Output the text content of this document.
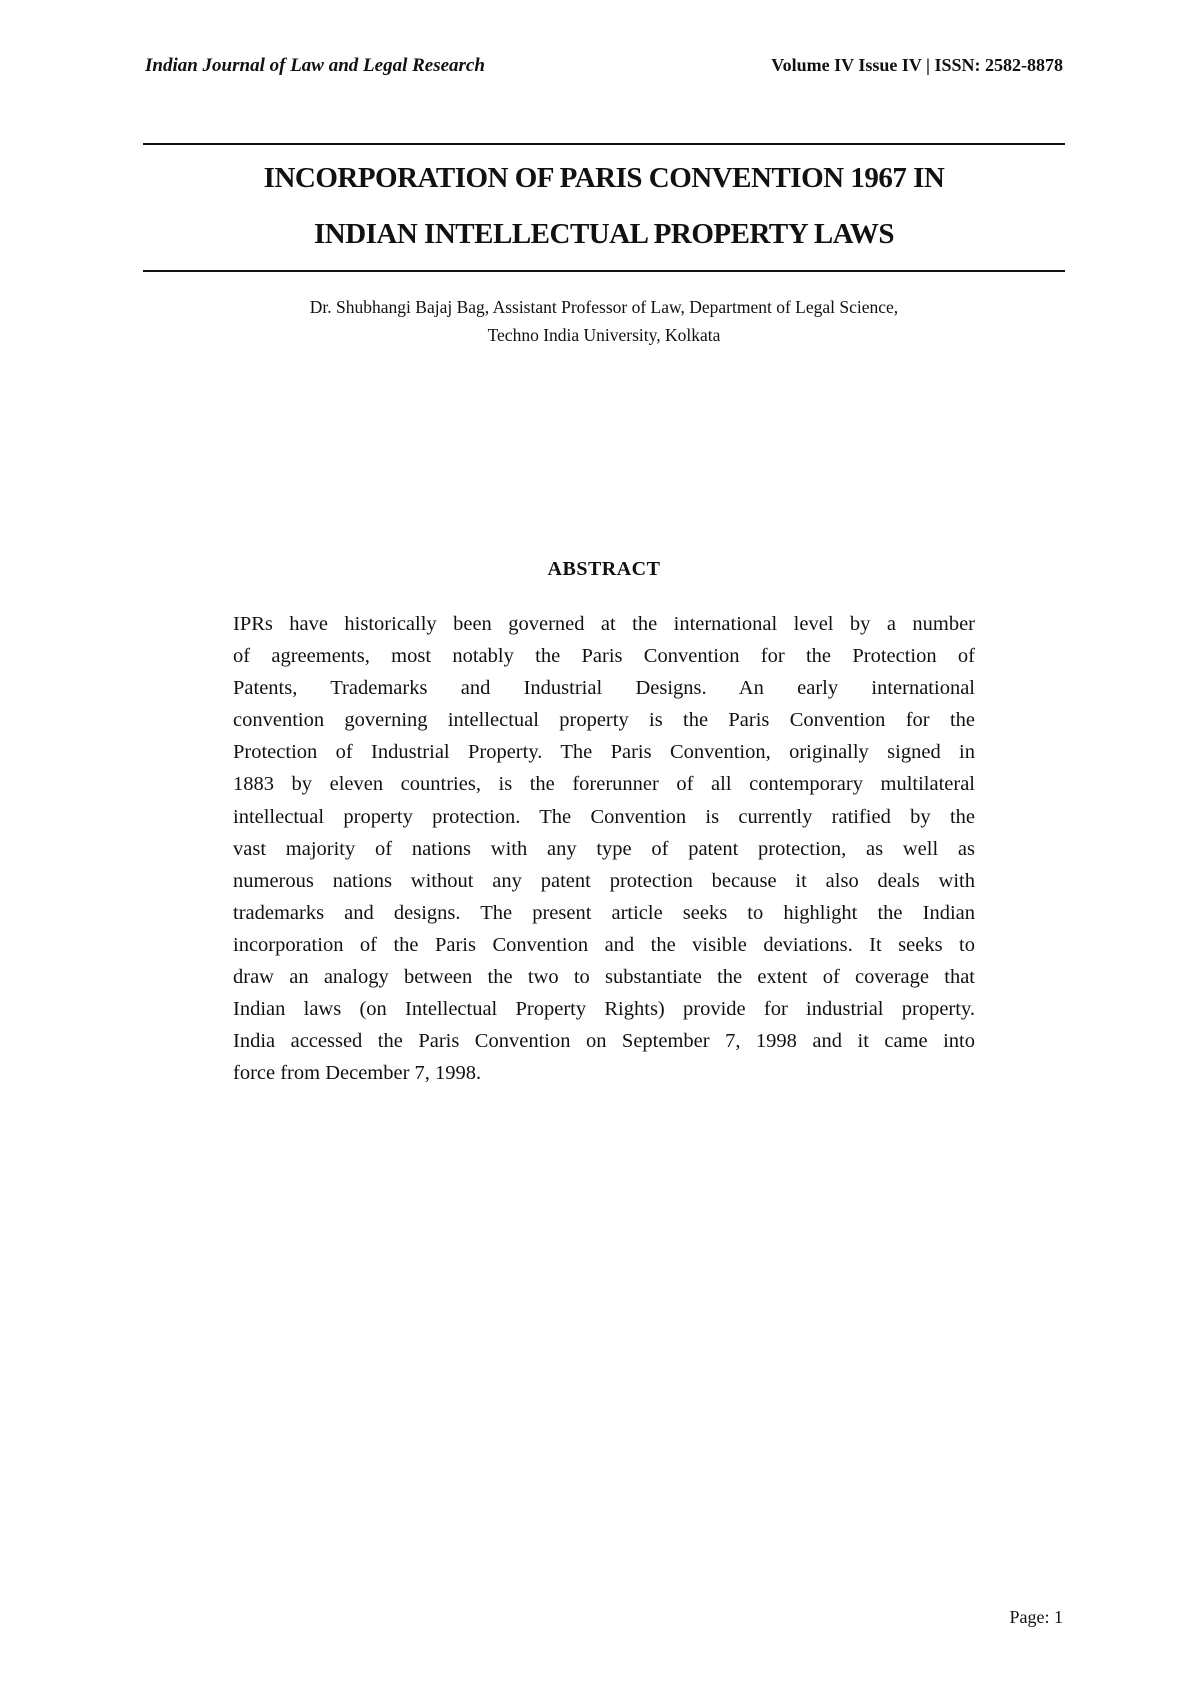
Indian Journal of Law and Legal Research	Volume IV Issue IV | ISSN: 2582-8878
INCORPORATION OF PARIS CONVENTION 1967 IN
INDIAN INTELLECTUAL PROPERTY LAWS
Dr. Shubhangi Bajaj Bag, Assistant Professor of Law, Department of Legal Science,
Techno India University, Kolkata
ABSTRACT
IPRs have historically been governed at the international level by a number
of agreements, most notably the Paris Convention for the Protection of
Patents, Trademarks and Industrial Designs. An early international
convention governing intellectual property is the Paris Convention for the
Protection of Industrial Property. The Paris Convention, originally signed in
1883 by eleven countries, is the forerunner of all contemporary multilateral
intellectual property protection. The Convention is currently ratified by the
vast majority of nations with any type of patent protection, as well as
numerous nations without any patent protection because it also deals with
trademarks and designs. The present article seeks to highlight the Indian
incorporation of the Paris Convention and the visible deviations. It seeks to
draw an analogy between the two to substantiate the extent of coverage that
Indian laws (on Intellectual Property Rights) provide for industrial property.
India accessed the Paris Convention on September 7, 1998 and it came into
force from December 7, 1998.
Page: 1
